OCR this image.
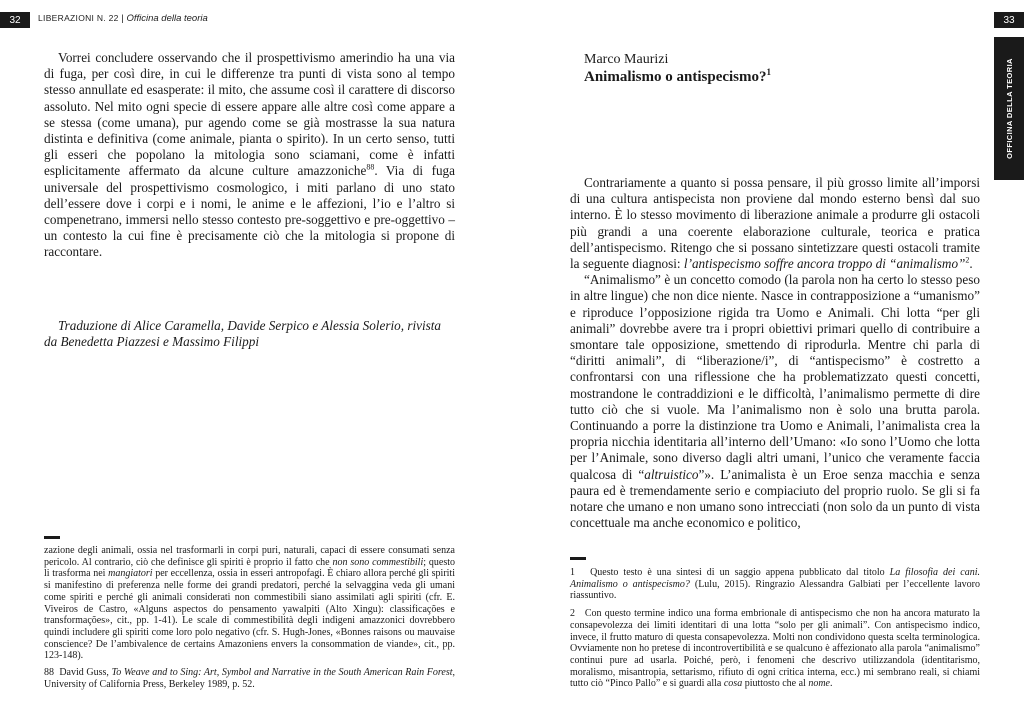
32	LIBERAZIONI N. 22 | Officina della teoria

Vorrei concludere osservando che il prospettivismo amerindio ha una via di fuga, per così dire, in cui le differenze tra punti di vista sono al tempo stesso annullate ed esasperate: il mito, che assume così il carattere di discorso assoluto. Nel mito ogni specie di essere appare alle altre così come appare a se stessa (come umana), pur agendo come se già mostrasse la sua natura distinta e definitiva (come animale, pianta o spirito). In un certo senso, tutti gli esseri che popolano la mitologia sono sciamani, come è infatti esplicitamente affermato da alcune culture amazzoniche$^{88}$. Via di fuga universale del prospettivismo cosmologico, i miti parlano di uno stato dell’essere dove i corpi e i nomi, le anime e le affezioni, l’io e l’altro si compenetrano, immersi nello stesso contesto pre-soggettivo e pre-oggettivo – un contesto la cui fine è precisamente ciò che la mitologia si propone di raccontare.

Traduzione di Alice Caramella, Davide Serpico e Alessia Solerio, rivista da Benedetta Piazzesi e Massimo Filippi

zazione degli animali, ossia nel trasformarli in corpi puri, naturali, capaci di essere consumati senza pericolo. Al contrario, ciò che definisce gli spiriti è proprio il fatto che non sono commestibili; questo li trasforma nei mangiatori per eccellenza, ossia in esseri antropofagi. È chiaro allora perché gli spiriti si manifestino di preferenza nelle forme dei grandi predatori, perché la selvaggina veda gli umani come spiriti e perché gli animali considerati non commestibili siano assimilati agli spiriti (cfr. E. Viveiros de Castro, «Alguns aspectos do pensamento yawalpiti (Alto Xingu): classificações e transformações», cit., pp. 1-41). Le scale di commestibilità degli indigeni amazzonici dovrebbero quindi includere gli spiriti come loro polo negativo (cfr. S. Hugh-Jones, «Bonnes raisons ou mauvaise conscience? De l’ambivalence de certains Amazoniens envers la consommation de viande», cit., pp. 123-148).

88 David Guss, To Weave and to Sing: Art, Symbol and Narrative in the South American Rain Forest, University of California Press, Berkeley 1989, p. 52.

33
OFFICINA DELLA TEORIA
Marco Maurizi
Animalismo o antispecismo?$^1$

Contrariamente a quanto si possa pensare, il più grosso limite all’imporsi di una cultura antispecista non proviene dal mondo esterno bensì dal suo interno. È lo stesso movimento di liberazione animale a produrre gli ostacoli più grandi a una coerente elaborazione culturale, teorica e pratica dell’antispecismo. Ritengo che si possano sintetizzare questi ostacoli tramite la seguente diagnosi: l’antispecismo soffre ancora troppo di “animalismo”$^2$.

“Animalismo” è un concetto comodo (la parola non ha certo lo stesso peso in altre lingue) che non dice niente. Nasce in contrapposizione a “umanismo” e riproduce l’opposizione rigida tra Uomo e Animali. Chi lotta “per gli animali” dovrebbe avere tra i propri obiettivi primari quello di contribuire a smontare tale opposizione, smettendo di riprodurla. Mentre chi parla di “diritti animali”, di “liberazione/i”, di “antispecismo” è costretto a confrontarsi con una riflessione che ha problematizzato questi concetti, mostrandone le contraddizioni e le difficoltà, l’animalismo permette di dire tutto ciò che si vuole. Ma l’animalismo non è solo una brutta parola. Continuando a porre la distinzione tra Uomo e Animali, l’animalista crea la propria nicchia identitaria all’interno dell’Umano: «Io sono l’Uomo che lotta per l’Animale, sono diverso dagli altri umani, l’unico che veramente faccia qualcosa di “altruistico”». L’animalista è un Eroe senza macchia e senza paura ed è tremendamente serio e compiaciuto del proprio ruolo. Se gli si fa notare che umano e non umano sono intrecciati (non solo da un punto di vista concettuale ma anche economico e politico,

1 Questo testo è una sintesi di un saggio appena pubblicato dal titolo La filosofia dei cani. Animalismo o antispecismo? (Lulu, 2015). Ringrazio Alessandra Galbiati per l’eccellente lavoro riassuntivo.

2 Con questo termine indico una forma embrionale di antispecismo che non ha ancora maturato la consapevolezza dei limiti identitari di una lotta “solo per gli animali”. Con antispecismo indico, invece, il frutto maturo di questa consapevolezza. Molti non condividono questa scelta terminologica. Ovviamente non ho pretese di incontrovertibilità e se qualcuno è affezionato alla parola “animalismo” continui pure ad usarla. Poiché, però, i fenomeni che descrivo utilizzandola (identitarismo, moralismo, misantropia, settarismo, rifiuto di ogni critica interna, ecc.) mi sembrano reali, si chiami tutto ciò “Pinco Pallo” e si guardi alla cosa piuttosto che al nome.
